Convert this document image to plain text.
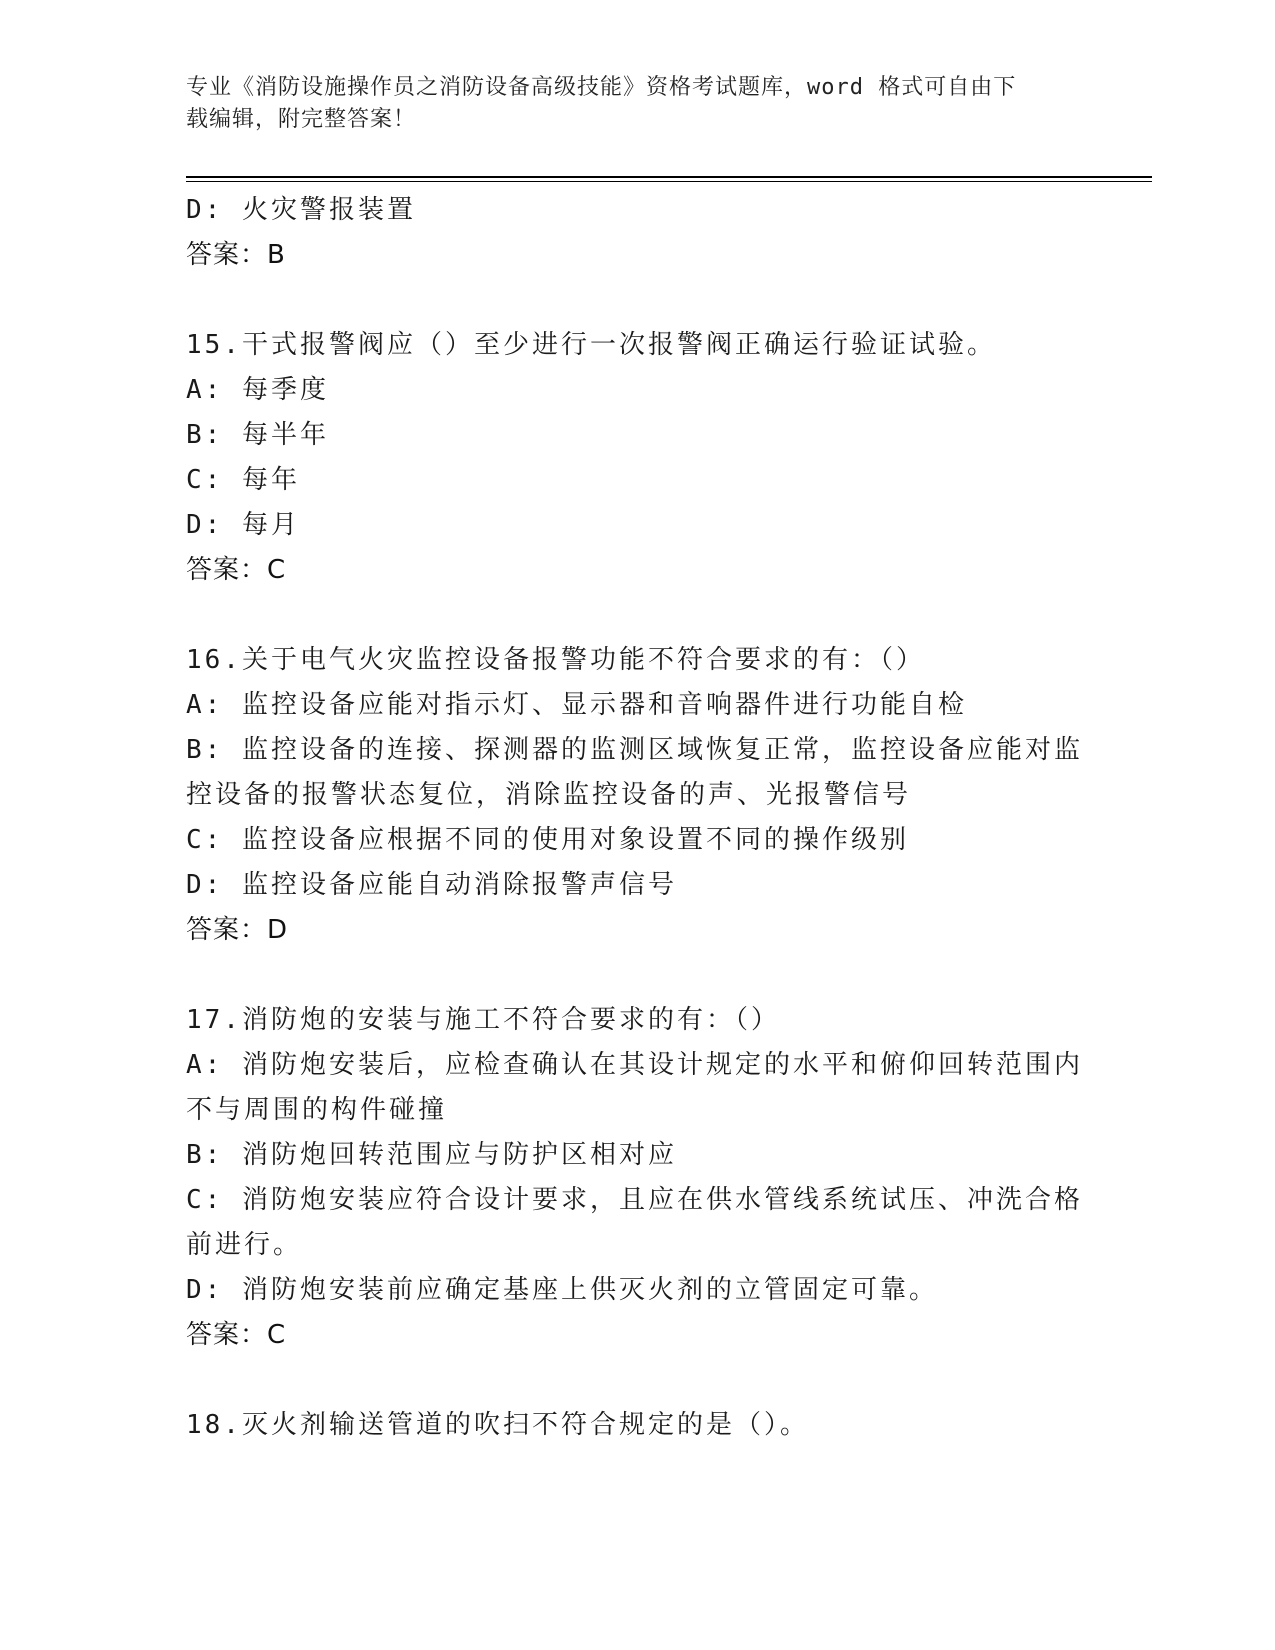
专业《消防设施操作员之消防设备高级技能》资格考试题库，word 格式可自由下
载编辑，附完整答案！
D: 火灾警报装置
答案：B
15.干式报警阀应（）至少进行一次报警阀正确运行验证试验。
A: 每季度
B: 每半年
C: 每年
D: 每月
答案：C
16.关于电气火灾监控设备报警功能不符合要求的有：（）
A: 监控设备应能对指示灯、显示器和音响器件进行功能自检
B: 监控设备的连接、探测器的监测区域恢复正常，监控设备应能对监
控设备的报警状态复位，消除监控设备的声、光报警信号
C: 监控设备应根据不同的使用对象设置不同的操作级别
D: 监控设备应能自动消除报警声信号
答案：D
17.消防炮的安装与施工不符合要求的有：（）
A: 消防炮安装后，应检查确认在其设计规定的水平和俯仰回转范围内
不与周围的构件碰撞
B: 消防炮回转范围应与防护区相对应
C: 消防炮安装应符合设计要求，且应在供水管线系统试压、冲洗合格
前进行。
D: 消防炮安装前应确定基座上供灭火剂的立管固定可靠。
答案：C
18.灭火剂输送管道的吹扫不符合规定的是（）。
